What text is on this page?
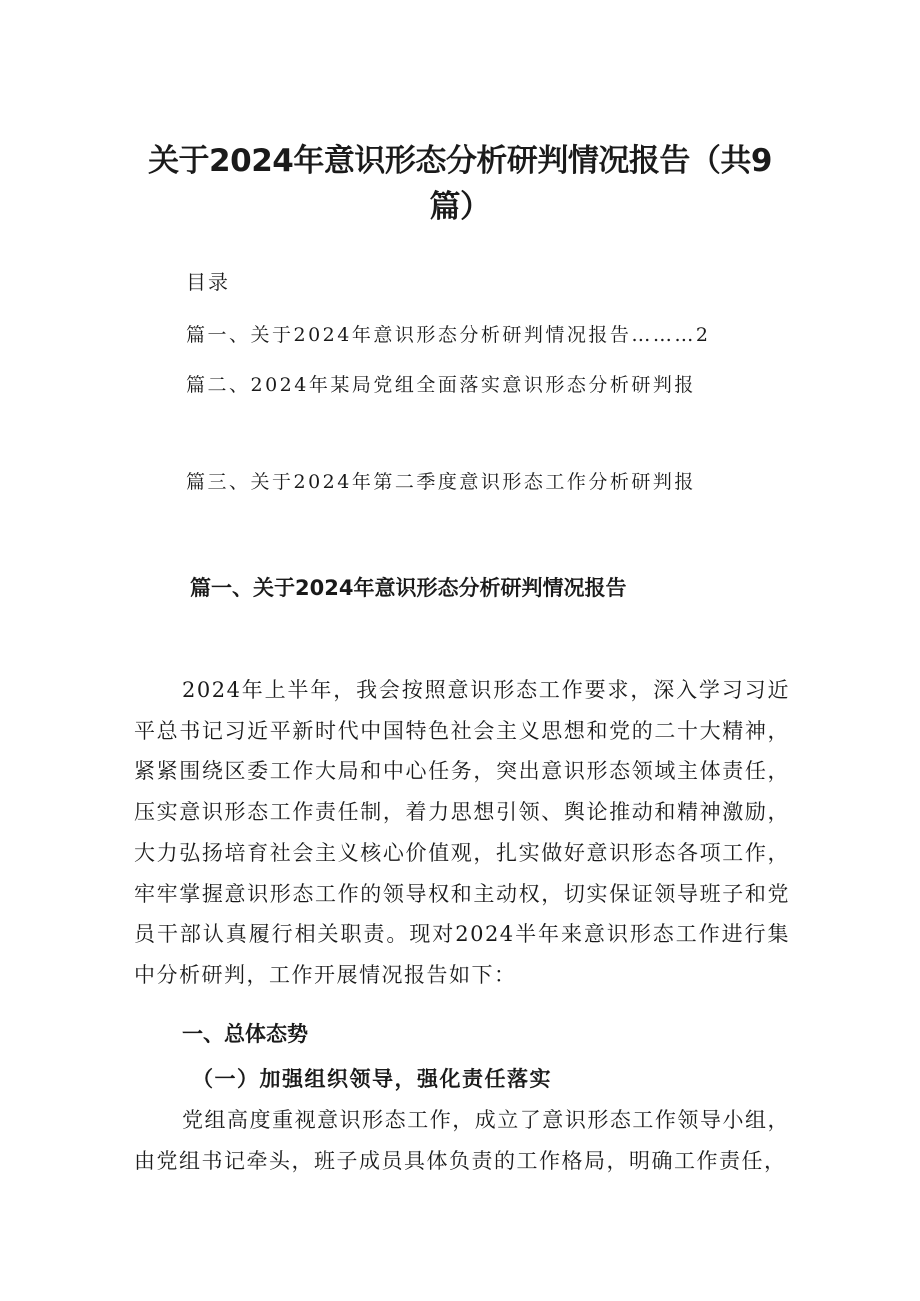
关于2024年意识形态分析研判情况报告（共9
篇）

目录

篇一、关于2024年意识形态分析研判情况报告………2

篇二、2024年某局党组全面落实意识形态分析研判报

篇三、关于2024年第二季度意识形态工作分析研判报

篇一、关于2024年意识形态分析研判情况报告

2024年上半年，我会按照意识形态工作要求，深入学习习近平总书记习近平新时代中国特色社会主义思想和党的二十大精神，紧紧围绕区委工作大局和中心任务，突出意识形态领域主体责任，压实意识形态工作责任制，着力思想引领、舆论推动和精神激励，大力弘扬培育社会主义核心价值观，扎实做好意识形态各项工作，牢牢掌握意识形态工作的领导权和主动权，切实保证领导班子和党员干部认真履行相关职责。现对2024半年来意识形态工作进行集中分析研判，工作开展情况报告如下：

一、总体态势
（一）加强组织领导，强化责任落实

党组高度重视意识形态工作，成立了意识形态工作领导小组，由党组书记牵头，班子成员具体负责的工作格局，明确工作责任，
